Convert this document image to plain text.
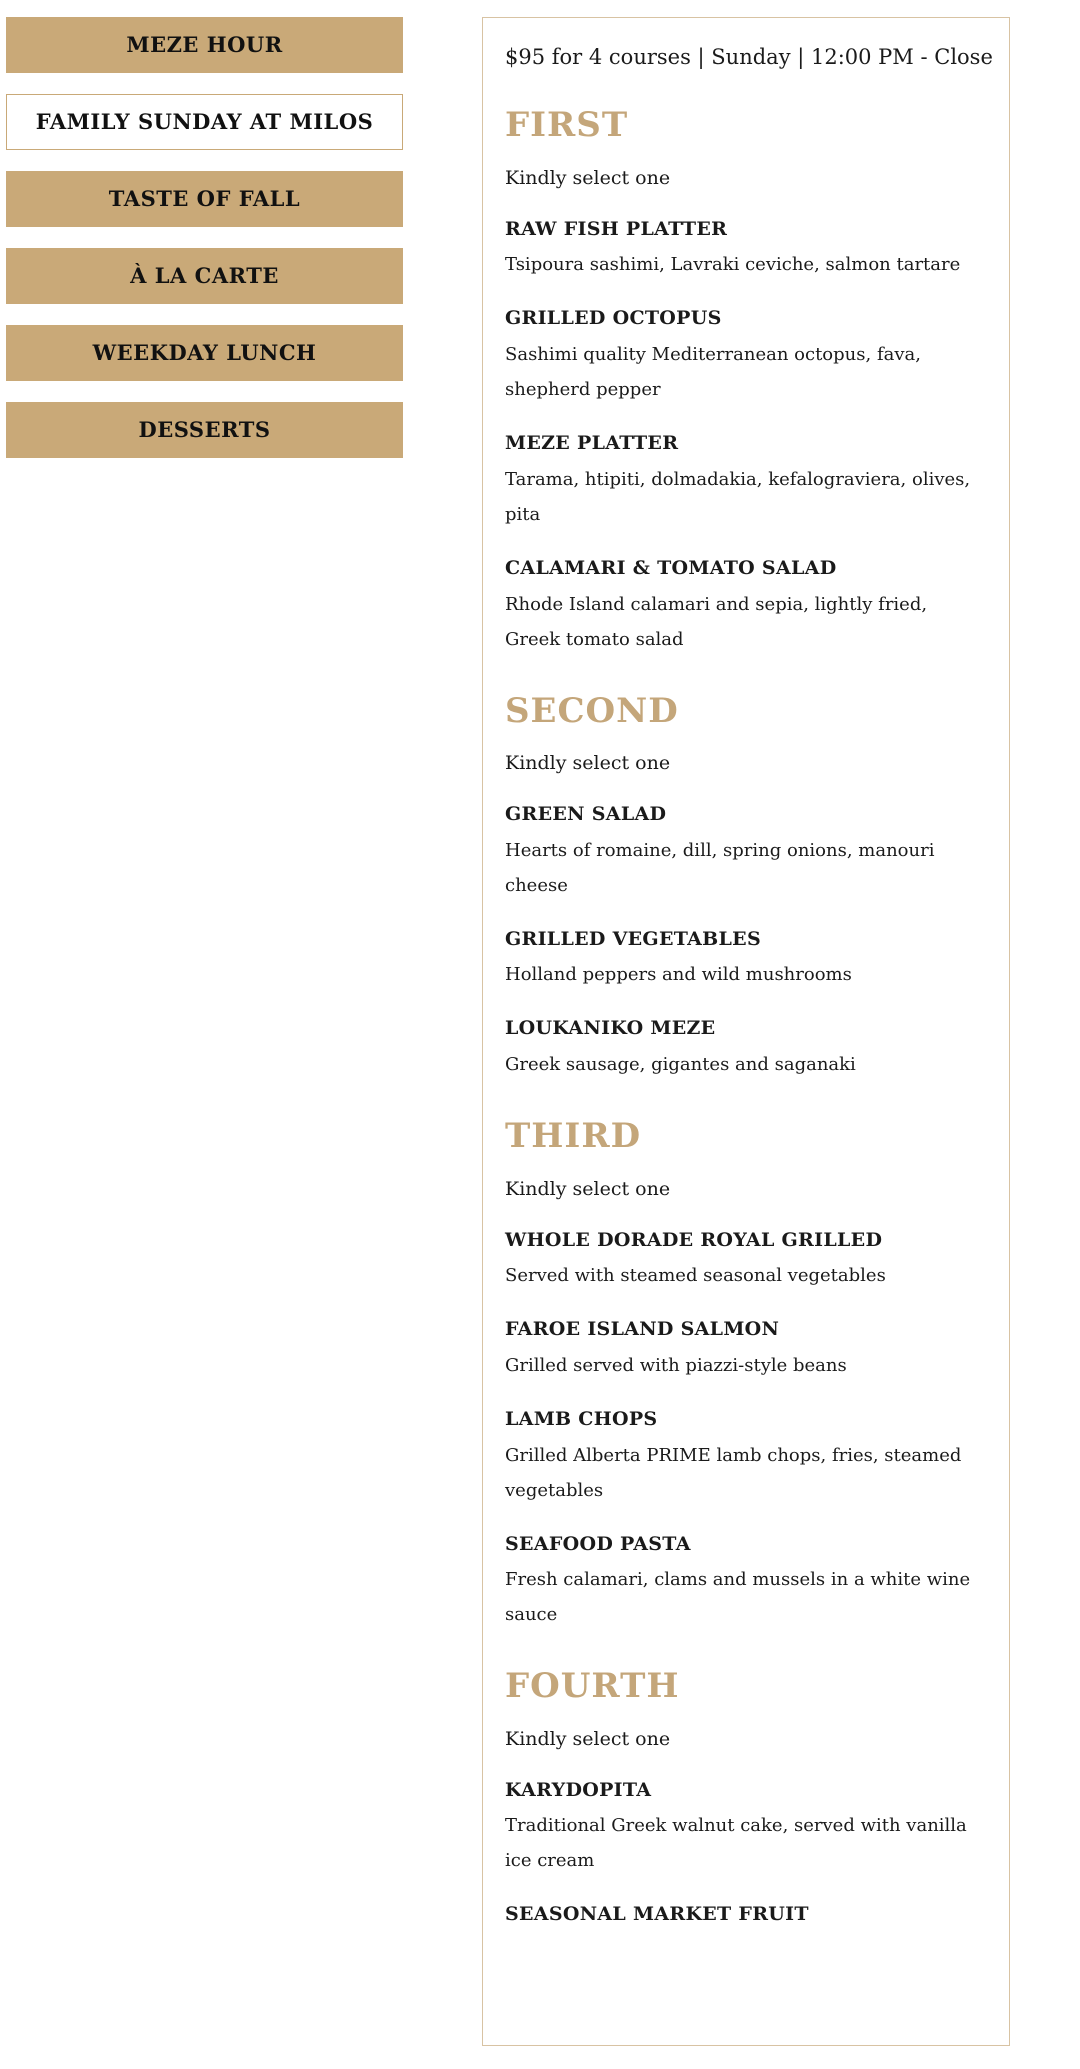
MEZE HOUR
FAMILY SUNDAY AT MILOS
TASTE OF FALL
À LA CARTE
WEEKDAY LUNCH
DESSERTS

$95 for 4 courses | Sunday | 12:00 PM - Close

FIRST

Kindly select one

RAW FISH PLATTER

Tsipoura sashimi, Lavraki ceviche, salmon tartare

GRILLED OCTOPUS

Sashimi quality Mediterranean octopus, fava, shepherd pepper

MEZE PLATTER

Tarama, htipiti, dolmadakia, kefalograviera, olives, pita

CALAMARI & TOMATO SALAD

Rhode Island calamari and sepia, lightly fried, Greek tomato salad

SECOND

Kindly select one

GREEN SALAD

Hearts of romaine, dill, spring onions, manouri cheese

GRILLED VEGETABLES

Holland peppers and wild mushrooms

LOUKANIKO MEZE

Greek sausage, gigantes and saganaki

THIRD

Kindly select one

WHOLE DORADE ROYAL GRILLED

Served with steamed seasonal vegetables

FAROE ISLAND SALMON

Grilled served with piazzi-style beans

LAMB CHOPS

Grilled Alberta PRIME lamb chops, fries, steamed vegetables

SEAFOOD PASTA

Fresh calamari, clams and mussels in a white wine sauce

FOURTH

Kindly select one

KARYDOPITA

Traditional Greek walnut cake, served with vanilla ice cream

SEASONAL MARKET FRUIT
